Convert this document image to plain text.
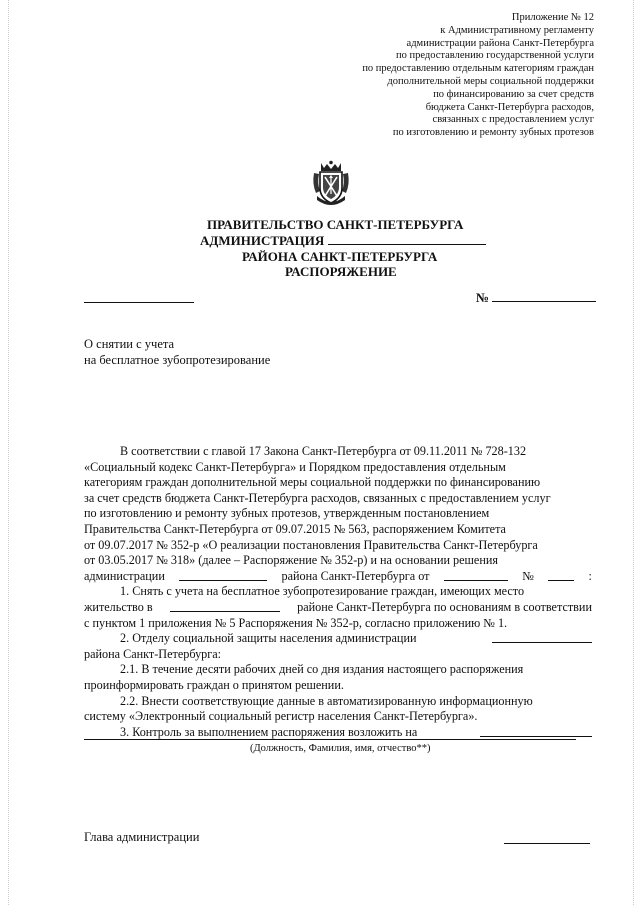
Приложение № 12
к Административному регламенту
администрации района Санкт-Петербурга
по предоставлению государственной услуги
по предоставлению отдельным категориям граждан
дополнительной меры социальной поддержки
по финансированию за счет средств
бюджета Санкт-Петербурга расходов,
связанных с предоставлением услуг
по изготовлению и ремонту зубных протезов
ПРАВИТЕЛЬСТВО САНКТ-ПЕТЕРБУРГА
АДМИНИСТРАЦИЯ
РАЙОНА САНКТ-ПЕТЕРБУРГА
РАСПОРЯЖЕНИЕ
№
О снятии с учета
на бесплатное зубопротезирование

В соответствии с главой 17 Закона Санкт-Петербурга от 09.11.2011 № 728-132

«Социальный кодекс Санкт-Петербурга» и Порядком предоставления отдельным

категориям граждан дополнительной меры социальной поддержки по финансированию

за счет средств бюджета Санкт-Петербурга расходов, связанных с предоставлением услуг

по изготовлению и ремонту зубных протезов, утвержденным постановлением

Правительства Санкт-Петербурга от 09.07.2015 № 563, распоряжением Комитета

от 09.07.2017 № 352-р «О реализации постановления Правительства Санкт-Петербурга

от 03.05.2017 № 318» (далее – Распоряжение № 352-р) и на основании решения

администрации	района Санкт-Петербурга от	№	:

1. Снять с учета на бесплатное зубопротезирование граждан, имеющих место

жительство в	районе Санкт-Петербурга по основаниям в соответствии

с пунктом 1 приложения № 5 Распоряжения № 352-р, согласно приложению № 1.

2. Отделу социальной защиты населения администрации

района Санкт-Петербурга:

2.1. В течение десяти рабочих дней со дня издания настоящего распоряжения

проинформировать граждан о принятом решении.

2.2. Внести соответствующие данные в автоматизированную информационную

систему «Электронный социальный регистр населения Санкт-Петербурга».

3. Контроль за выполнением распоряжения возложить на
(Должность, Фамилия, имя, отчество**)
Глава администрации
